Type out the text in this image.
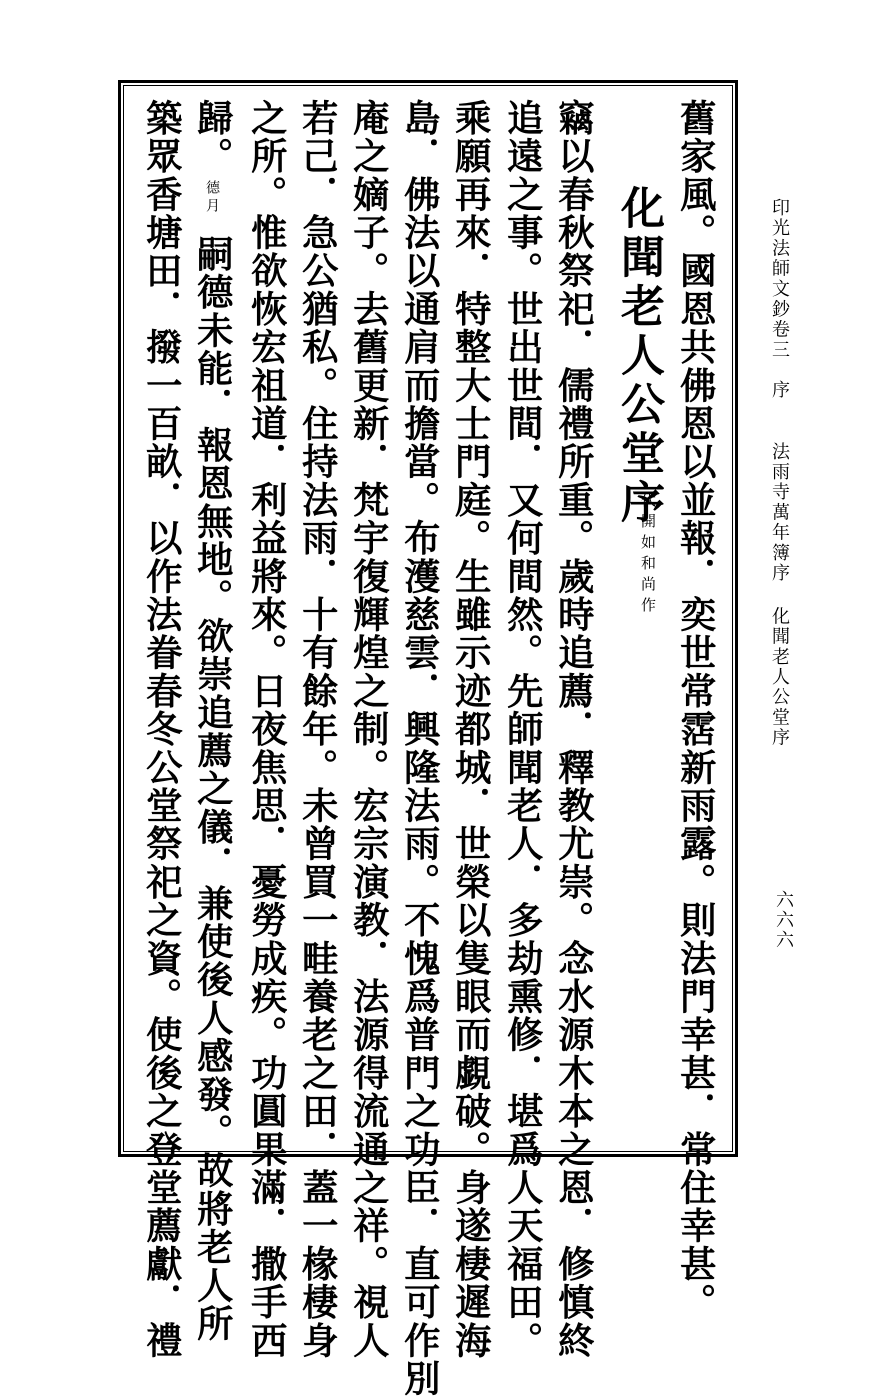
印光法師文鈔卷三
序
法雨寺萬年簿序 化聞老人公堂序
六六六
舊家風。國恩共佛恩以並報．奕世常霑新雨露。則法門幸甚．常住幸甚。
化聞老人公堂序
代開如和尚作
竊以春秋祭祀．儒禮所重。歲時追薦．釋教尤崇。念水源木本之恩．修慎終
追遠之事。世出世間．又何間然。先師聞老人．多劫熏修．堪爲人天福田。
乘願再來．特整大士門庭。生雖示迹都城．世榮以隻眼而覷破。身遂棲遲海
島．佛法以通肩而擔當。布濩慈雲．興隆法雨。不愧爲普門之功臣．直可作別
庵之嫡子。去舊更新．梵宇復輝煌之制。宏宗演教．法源得流通之祥。視人
若己．急公猶私。住持法雨．十有餘年。未曾買一畦養老之田．蓋一椽棲身
之所。惟欲恢宏祖道．利益將來。日夜焦思．憂勞成疾。功圓果滿．撒手西
歸。
德月
嗣德未能．報恩無地。欲崇追薦之儀．兼使後人感發。故將老人所
築眾香塘田．撥一百畝．以作法眷春冬公堂祭祀之資。使後之登堂薦獻．禮
